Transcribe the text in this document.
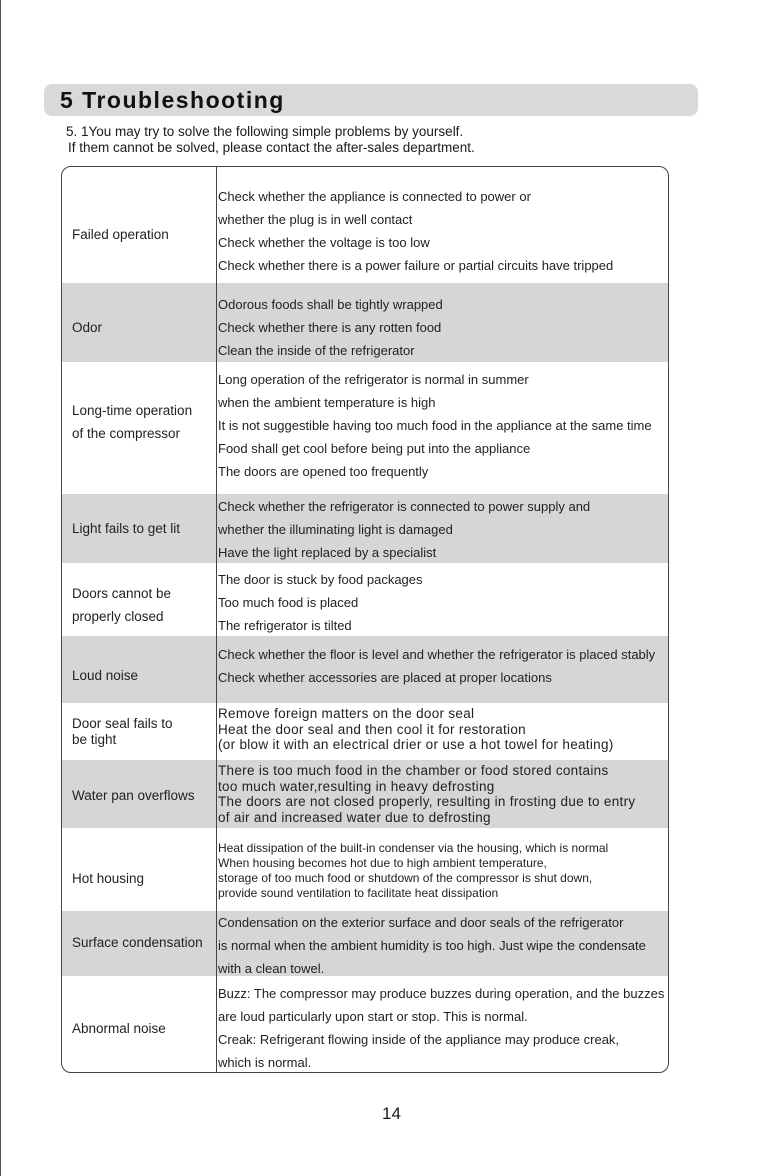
5 Troubleshooting
5. 1You may try to solve the following simple problems by yourself.
If them cannot be solved, please contact the after-sales department.
Failed operation
Check whether the appliance is connected to power or
whether the plug is in well contact
Check whether the voltage is too low
Check whether there is a power failure or partial circuits have tripped
Odor
Odorous foods shall be tightly wrapped
Check whether there is any rotten food
Clean the inside of the refrigerator
Long-time operation
of the compressor
Long operation of the refrigerator is normal in summer
when the ambient temperature is high
It is not suggestible having too much food in the appliance at the same time
Food shall get cool before being put into the appliance
The doors are opened too frequently
Light fails to get lit
Check whether the refrigerator is connected to power supply and
whether the illuminating light is damaged
Have the light replaced by a specialist
Doors cannot be
properly closed
The door is stuck by food packages
Too much food is placed
The refrigerator is tilted
Loud noise
Check whether the floor is level and whether the refrigerator is placed stably
Check whether accessories are placed at proper locations
Door seal fails to
be tight
Remove foreign matters on the door seal
Heat the door seal and then cool it for restoration
(or blow it with an electrical drier or use a hot towel for heating)
Water pan overflows
There is too much food in the chamber or food stored contains
too much water,resulting in heavy defrosting
The doors are not closed properly, resulting in frosting due to entry
of air and increased water due to defrosting
Hot housing
Heat dissipation of the built-in condenser via the housing, which is normal
When housing becomes hot due to high ambient temperature,
storage of too much food or shutdown of the compressor is shut down,
provide sound ventilation to facilitate heat dissipation
Surface condensation
Condensation on the exterior surface and door seals of the refrigerator
is normal when the ambient humidity is too high. Just wipe the condensate
with a clean towel.
Abnormal noise
Buzz: The compressor may produce buzzes during operation, and the buzzes
are loud particularly upon start or stop. This is normal.
Creak: Refrigerant flowing inside of the appliance may produce creak,
which is normal.
14
